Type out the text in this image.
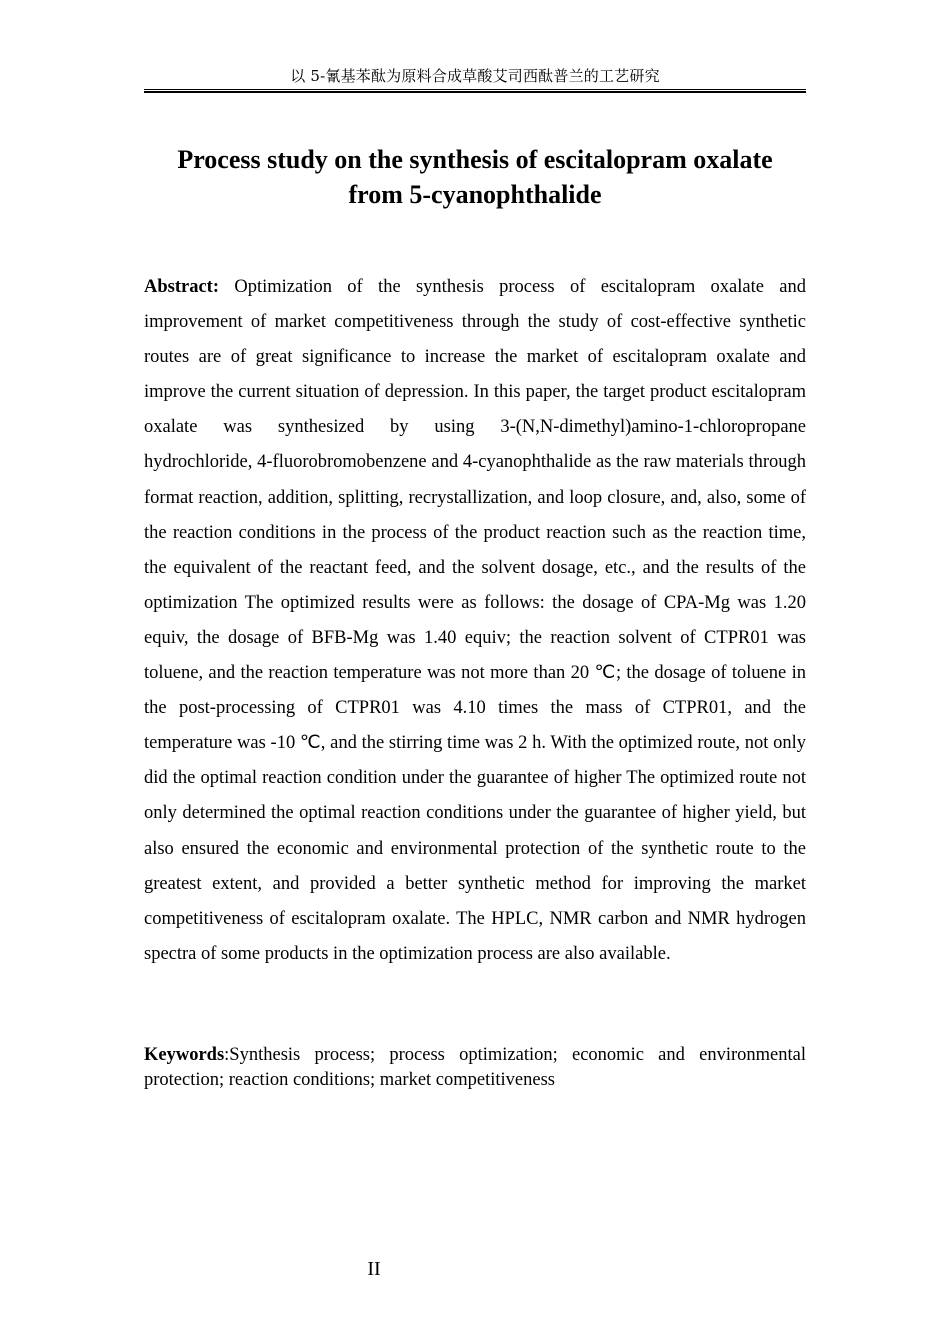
以 5-氰基苯酞为原料合成草酸艾司西酞普兰的工艺研究
Process study on the synthesis of escitalopram oxalate
from 5-cyanophthalide

Abstract: Optimization of the synthesis process of escitalopram oxalate and improvement of market competitiveness through the study of cost-effective synthetic routes are of great significance to increase the market of escitalopram oxalate and improve the current situation of depression. In this paper, the target product escitalopram oxalate was synthesized by using 3-(N,N-dimethyl)amino-1-chloropropane hydrochloride, 4-fluorobromobenzene and 4-cyanophthalide as the raw materials through format reaction, addition, splitting, recrystallization, and loop closure, and, also, some of the reaction conditions in the process of the product reaction such as the reaction time, the equivalent of the reactant feed, and the solvent dosage, etc., and the results of the optimization The optimized results were as follows: the dosage of CPA-Mg was 1.20 equiv, the dosage of BFB-Mg was 1.40 equiv; the reaction solvent of CTPR01 was toluene, and the reaction temperature was not more than 20 ℃; the dosage of toluene in the post-processing of CTPR01 was 4.10 times the mass of CTPR01, and the temperature was -10 ℃, and the stirring time was 2 h. With the optimized route, not only did the optimal reaction condition under the guarantee of higher The optimized route not only determined the optimal reaction conditions under the guarantee of higher yield, but also ensured the economic and environmental protection of the synthetic route to the greatest extent, and provided a better synthetic method for improving the market competitiveness of escitalopram oxalate. The HPLC, NMR carbon and NMR hydrogen spectra of some products in the optimization process are also available.

Keywords:Synthesis process; process optimization; economic and environmental protection; reaction conditions; market competitiveness

II
